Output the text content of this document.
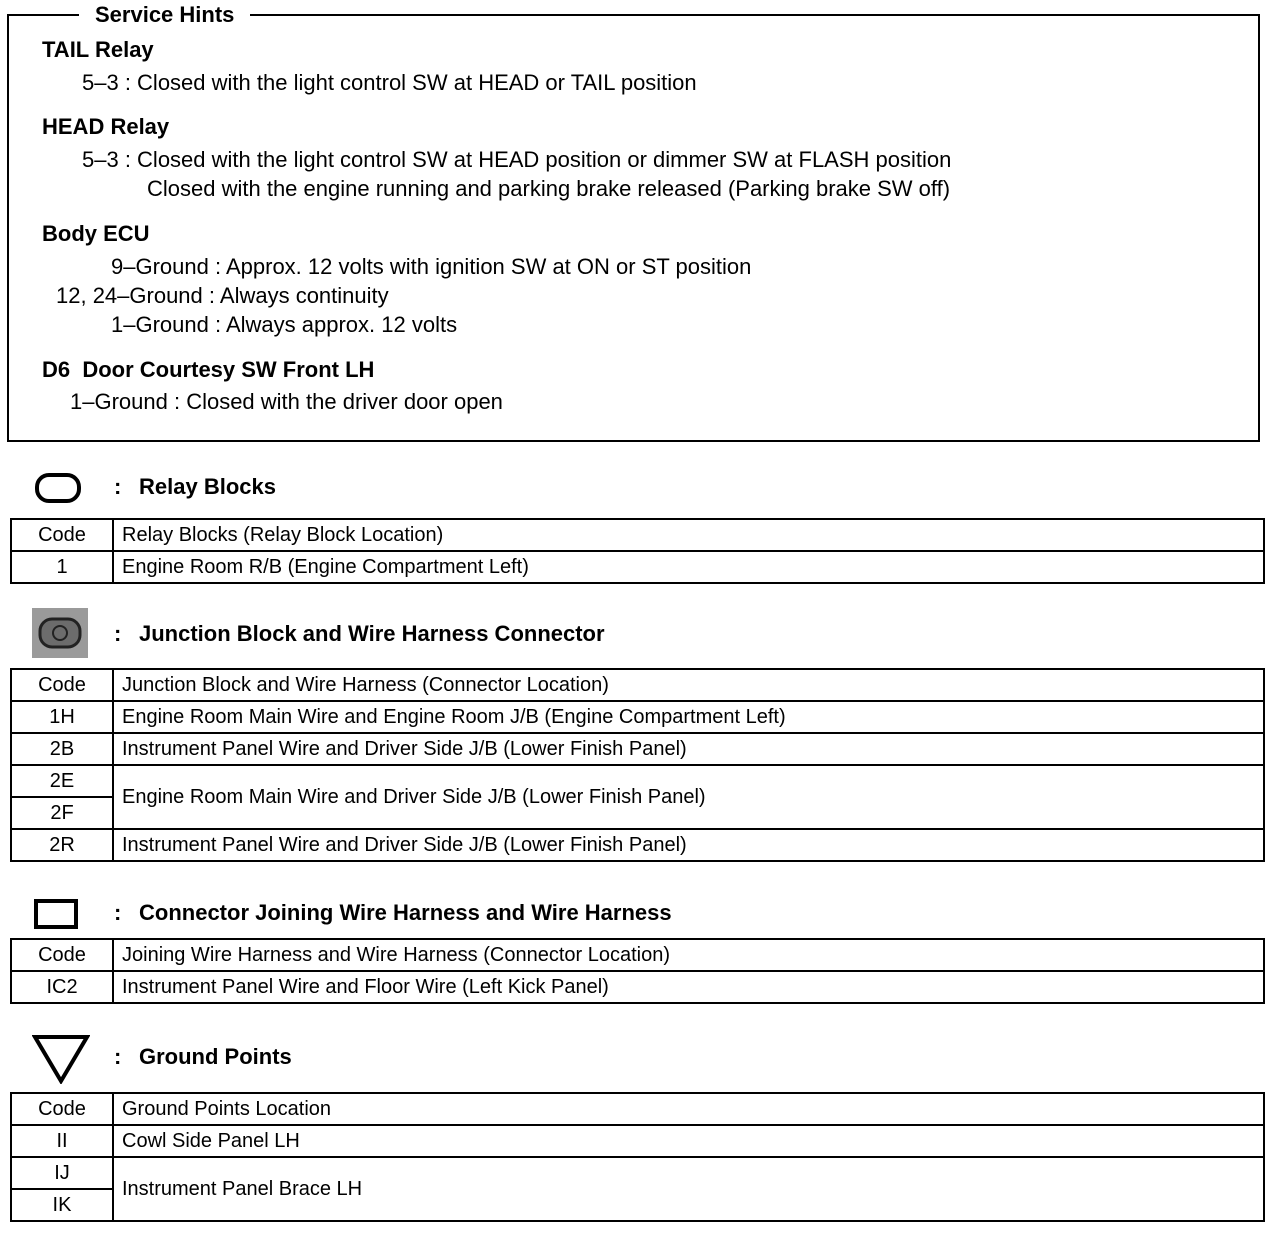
Service Hints
TAIL Relay
5–3 : Closed with the light control SW at HEAD or TAIL position
HEAD Relay
5–3 : Closed with the light control SW at HEAD position or dimmer SW at FLASH position
Closed with the engine running and parking brake released (Parking brake SW off)
Body ECU
9–Ground : Approx. 12 volts with ignition SW at ON or ST position
12, 24–Ground : Always continuity
1–Ground : Always approx. 12 volts
D6  Door Courtesy SW Front LH
1–Ground : Closed with the driver door open
: Relay Blocks
Code	Relay Blocks (Relay Block Location)
1	Engine Room R/B (Engine Compartment Left)
: Junction Block and Wire Harness Connector
Code	Junction Block and Wire Harness (Connector Location)
1H	Engine Room Main Wire and Engine Room J/B (Engine Compartment Left)
2B	Instrument Panel Wire and Driver Side J/B (Lower Finish Panel)
2E	Engine Room Main Wire and Driver Side J/B (Lower Finish Panel)
2F	
2R	Instrument Panel Wire and Driver Side J/B (Lower Finish Panel)
: Connector Joining Wire Harness and Wire Harness
Code	Joining Wire Harness and Wire Harness (Connector Location)
IC2	Instrument Panel Wire and Floor Wire (Left Kick Panel)
: Ground Points
Code	Ground Points Location
II	Cowl Side Panel LH
IJ	Instrument Panel Brace LH
IK	
